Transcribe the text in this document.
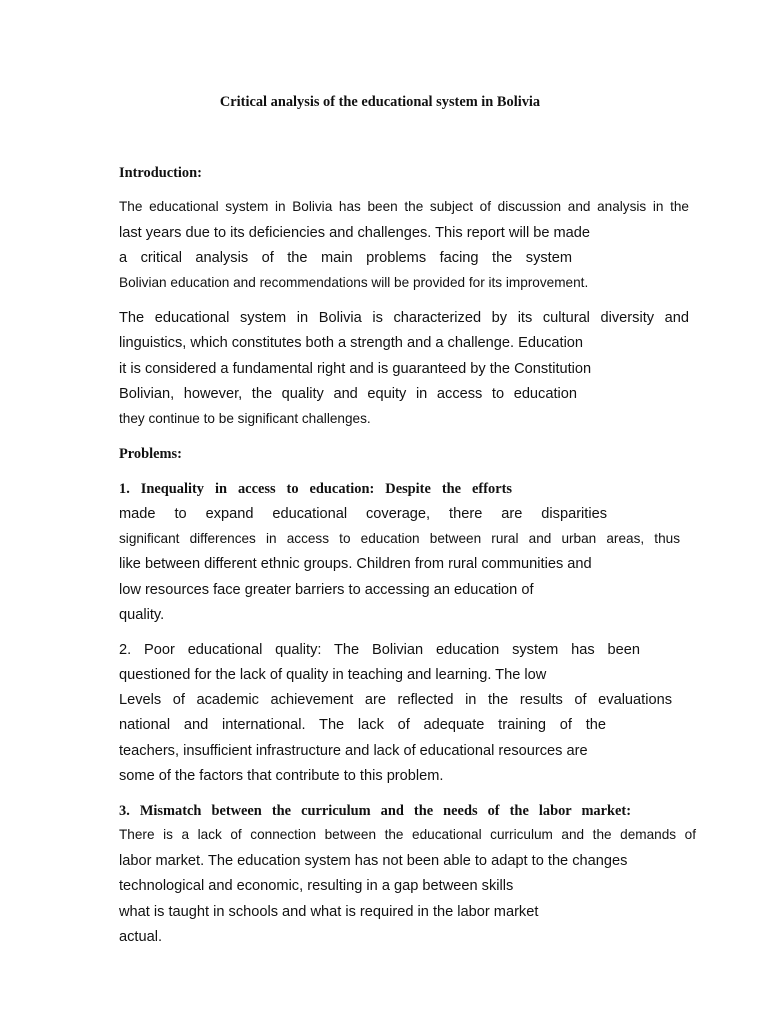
Critical analysis of the educational system in Bolivia
Introduction:
The educational system in Bolivia has been the subject of discussion and analysis in the
last years due to its deficiencies and challenges. This report will be made
a critical analysis of the main problems facing the system
Bolivian education and recommendations will be provided for its improvement.
The educational system in Bolivia is characterized by its cultural diversity and
linguistics, which constitutes both a strength and a challenge. Education
it is considered a fundamental right and is guaranteed by the Constitution
Bolivian, however, the quality and equity in access to education
they continue to be significant challenges.
Problems:
1. Inequality in access to education: Despite the efforts
made to expand educational coverage, there are disparities
significant differences in access to education between rural and urban areas, thus
like between different ethnic groups. Children from rural communities and
low resources face greater barriers to accessing an education of
quality.
2. Poor educational quality: The Bolivian education system has been
questioned for the lack of quality in teaching and learning. The low
Levels of academic achievement are reflected in the results of evaluations
national and international. The lack of adequate training of the
teachers, insufficient infrastructure and lack of educational resources are
some of the factors that contribute to this problem.
3. Mismatch between the curriculum and the needs of the labor market:
There is a lack of connection between the educational curriculum and the demands of
labor market. The education system has not been able to adapt to the changes
technological and economic, resulting in a gap between skills
what is taught in schools and what is required in the labor market
actual.
